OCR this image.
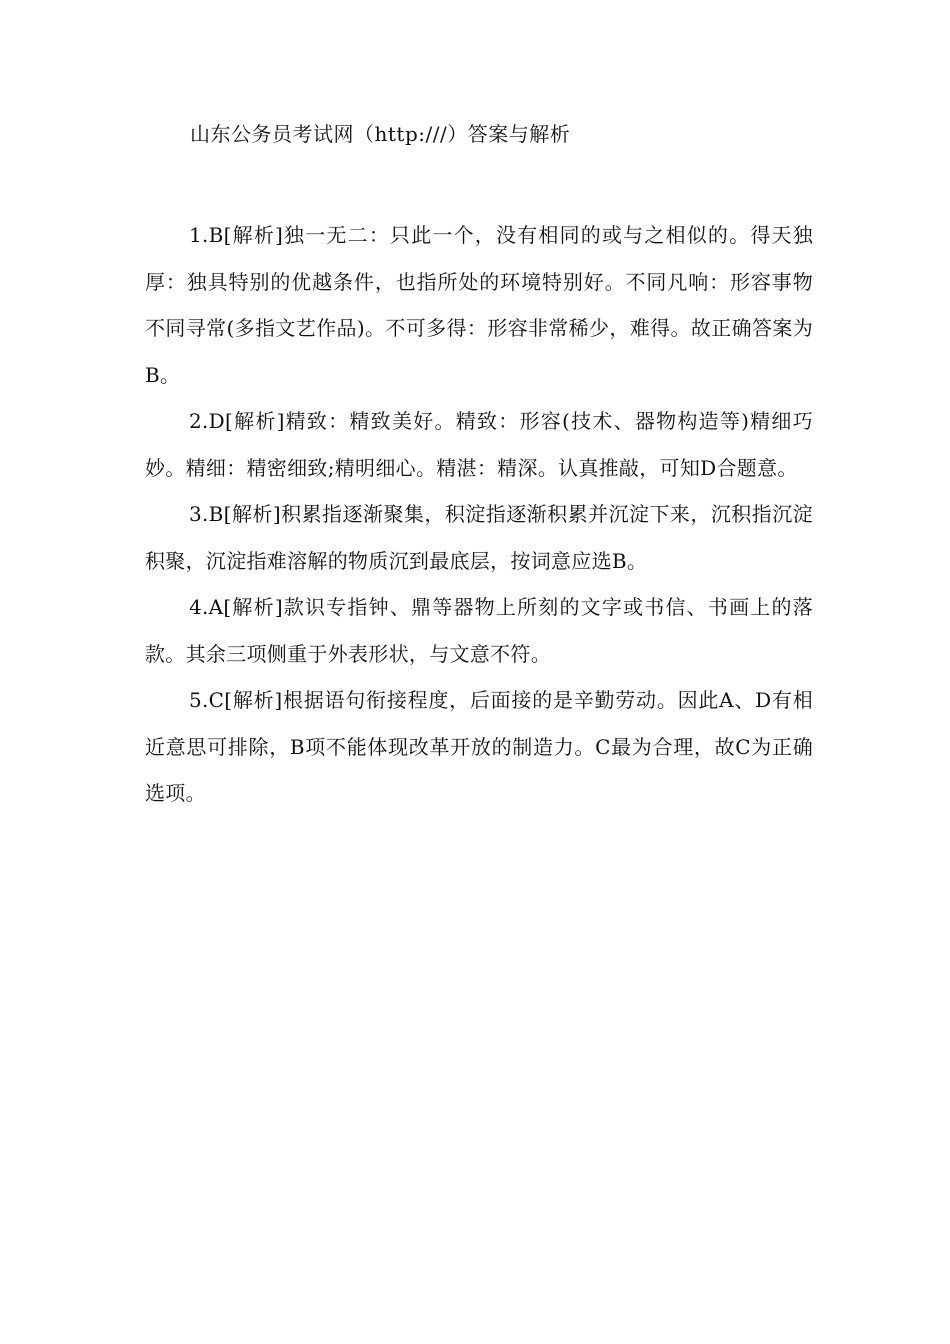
山东公务员考试网（http:///）答案与解析

1.B[解析]独一无二：只此一个，没有相同的或与之相似的。得天独厚：独具特别的优越条件，也指所处的环境特别好。不同凡响：形容事物不同寻常(多指文艺作品)。不可多得：形容非常稀少，难得。故正确答案为B。

2.D[解析]精致：精致美好。精致：形容(技术、器物构造等)精细巧妙。精细：精密细致;精明细心。精湛：精深。认真推敲，可知D合题意。

3.B[解析]积累指逐渐聚集，积淀指逐渐积累并沉淀下来，沉积指沉淀积聚，沉淀指难溶解的物质沉到最底层，按词意应选B。

4.A[解析]款识专指钟、鼎等器物上所刻的文字或书信、书画上的落款。其余三项侧重于外表形状，与文意不符。

5.C[解析]根据语句衔接程度，后面接的是辛勤劳动。因此A、D有相近意思可排除，B项不能体现改革开放的制造力。C最为合理，故C为正确选项。
